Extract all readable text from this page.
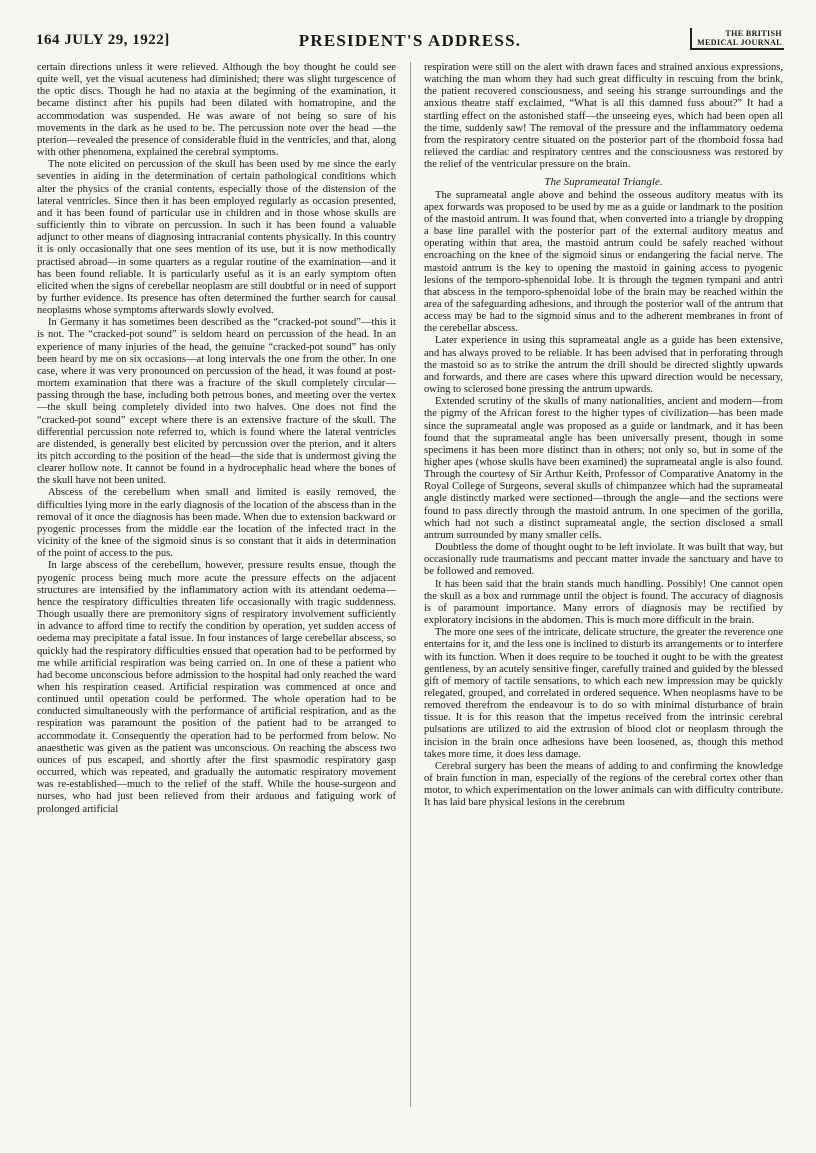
164 JULY 29, 1922]	PRESIDENT'S ADDRESS.	THE BRITISH
MEDICAL JOURNAL

certain directions unless it were relieved. Although the boy thought he could see quite well, yet the visual acuteness had diminished; there was slight turgescence of the optic discs. Though he had no ataxia at the beginning of the examination, it became distinct after his pupils had been dilated with homatropine, and the accommodation was suspended. He was aware of not being so sure of his movements in the dark as he used to be. The percussion note over the head —the pterion—revealed the presence of considerable fluid in the ventricles, and that, along with other phenomena, explained the cerebral symptoms.

The note elicited on percussion of the skull has been used by me since the early seventies in aiding in the determination of certain pathological conditions which alter the physics of the cranial contents, especially those of the distension of the lateral ventricles. Since then it has been employed regularly as occasion presented, and it has been found of particular use in children and in those whose skulls are sufficiently thin to vibrate on percussion. In such it has been found a valuable adjunct to other means of diagnosing intracranial contents physically. In this country it is only occasionally that one sees mention of its use, but it is now methodically practised abroad—in some quarters as a regular routine of the examination—and it has been found reliable. It is particularly useful as it is an early symptom often elicited when the signs of cerebellar neoplasm are still doubtful or in need of support by further evidence. Its presence has often determined the further search for causal neoplasms whose symptoms afterwards slowly evolved.

In Germany it has sometimes been described as the “cracked-pot sound”—this it is not. The “cracked-pot sound” is seldom heard on percussion of the head. In an experience of many injuries of the head, the genuine “cracked-pot sound” has only been heard by me on six occasions—at long intervals the one from the other. In one case, where it was very pronounced on percussion of the head, it was found at post-mortem examination that there was a fracture of the skull completely circular—passing through the base, including both petrous bones, and meeting over the vertex—the skull being completely divided into two halves. One does not find the “cracked-pot sound” except where there is an extensive fracture of the skull. The differential percussion note referred to, which is found where the lateral ventricles are distended, is generally best elicited by percussion over the pterion, and it alters its pitch according to the position of the head—the side that is undermost giving the clearer hollow note. It cannot be found in a hydrocephalic head where the bones of the skull have not been united.

Abscess of the cerebellum when small and limited is easily removed, the difficulties lying more in the early diagnosis of the location of the abscess than in the removal of it once the diagnosis has been made. When due to extension backward or pyogenic processes from the middle ear the location of the infected tract in the vicinity of the knee of the sigmoid sinus is so constant that it aids in determination of the point of access to the pus.

In large abscess of the cerebellum, however, pressure results ensue, though the pyogenic process being much more acute the pressure effects on the adjacent structures are intensified by the inflammatory action with its attendant oedema—hence the respiratory difficulties threaten life occasionally with tragic suddenness. Though usually there are premonitory signs of respiratory involvement sufficiently in advance to afford time to rectify the condition by operation, yet sudden access of oedema may precipitate a fatal issue. In four instances of large cerebellar abscess, so quickly had the respiratory difficulties ensued that operation had to be performed by me while artificial respiration was being carried on. In one of these a patient who had become unconscious before admission to the hospital had only reached the ward when his respiration ceased. Artificial respiration was commenced at once and continued until operation could be performed. The whole operation had to be conducted simultaneously with the performance of artificial respiration, and as the respiration was paramount the position of the patient had to be arranged to accommodate it. Consequently the operation had to be performed from below. No anaesthetic was given as the patient was unconscious. On reaching the abscess two ounces of pus escaped, and shortly after the first spasmodic respiratory gasp occurred, which was repeated, and gradually the automatic respiratory movement was re-established—much to the relief of the staff. While the house-surgeon and nurses, who had just been relieved from their arduous and fatiguing work of prolonged artificial

respiration were still on the alert with drawn faces and strained anxious expressions, watching the man whom they had such great difficulty in rescuing from the brink, the patient recovered consciousness, and seeing his strange surroundings and the anxious theatre staff exclaimed, “What is all this damned fuss about?” It had a startling effect on the astonished staff—the unseeing eyes, which had been open all the time, suddenly saw! The removal of the pressure and the inflammatory oedema from the respiratory centre situated on the posterior part of the rhomboid fossa had relieved the cardiac and respiratory centres and the consciousness was restored by the relief of the ventricular pressure on the brain.

The Suprameatal Triangle.

The suprameatal angle above and behind the osseous auditory meatus with its apex forwards was proposed to be used by me as a guide or landmark to the position of the mastoid antrum. It was found that, when converted into a triangle by dropping a base line parallel with the posterior part of the external auditory meatus and operating within that area, the mastoid antrum could be safely reached without encroaching on the knee of the sigmoid sinus or endangering the facial nerve. The mastoid antrum is the key to opening the mastoid in gaining access to pyogenic lesions of the temporo-sphenoidal lobe. It is through the tegmen tympani and antri that abscess in the temporo-sphenoidal lobe of the brain may be reached within the area of the safeguarding adhesions, and through the posterior wall of the antrum that access may be had to the sigmoid sinus and to the adherent membranes in front of the cerebellar abscess.

Later experience in using this suprameatal angle as a guide has been extensive, and has always proved to be reliable. It has been advised that in perforating through the mastoid so as to strike the antrum the drill should be directed slightly upwards and forwards, and there are cases where this upward direction would be necessary, owing to sclerosed bone pressing the antrum upwards.

Extended scrutiny of the skulls of many nationalities, ancient and modern—from the pigmy of the African forest to the higher types of civilization—has been made since the suprameatal angle was proposed as a guide or landmark, and it has been found that the suprameatal angle has been universally present, though in some specimens it has been more distinct than in others; not only so, but in some of the higher apes (whose skulls have been examined) the suprameatal angle is also found. Through the courtesy of Sir Arthur Keith, Professor of Comparative Anatomy in the Royal College of Surgeons, several skulls of chimpanzee which had the suprameatal angle distinctly marked were sectioned—through the angle—and the sections were found to pass directly through the mastoid antrum. In one specimen of the gorilla, which had not such a distinct suprameatal angle, the section disclosed a small antrum surrounded by many smaller cells.

Doubtless the dome of thought ought to be left inviolate. It was built that way, but occasionally rude traumatisms and peccant matter invade the sanctuary and have to be followed and removed.

It has been said that the brain stands much handling. Possibly! One cannot open the skull as a box and rummage until the object is found. The accuracy of diagnosis is of paramount importance. Many errors of diagnosis may be rectified by exploratory incisions in the abdomen. This is much more difficult in the brain.

The more one sees of the intricate, delicate structure, the greater the reverence one entertains for it, and the less one is inclined to disturb its arrangements or to interfere with its function. When it does require to be touched it ought to be with the greatest gentleness, by an acutely sensitive finger, carefully trained and guided by the blessed gift of memory of tactile sensations, to which each new impression may be quickly relegated, grouped, and correlated in ordered sequence. When neoplasms have to be removed therefrom the endeavour is to do so with minimal disturbance of brain tissue. It is for this reason that the impetus received from the intrinsic cerebral pulsations are utilized to aid the extrusion of blood clot or neoplasm through the incision in the brain once adhesions have been loosened, as, though this method takes more time, it does less damage.

Cerebral surgery has been the means of adding to and confirming the knowledge of brain function in man, especially of the regions of the cerebral cortex other than motor, to which experimentation on the lower animals can with difficulty contribute. It has laid bare physical lesions in the cerebrum
